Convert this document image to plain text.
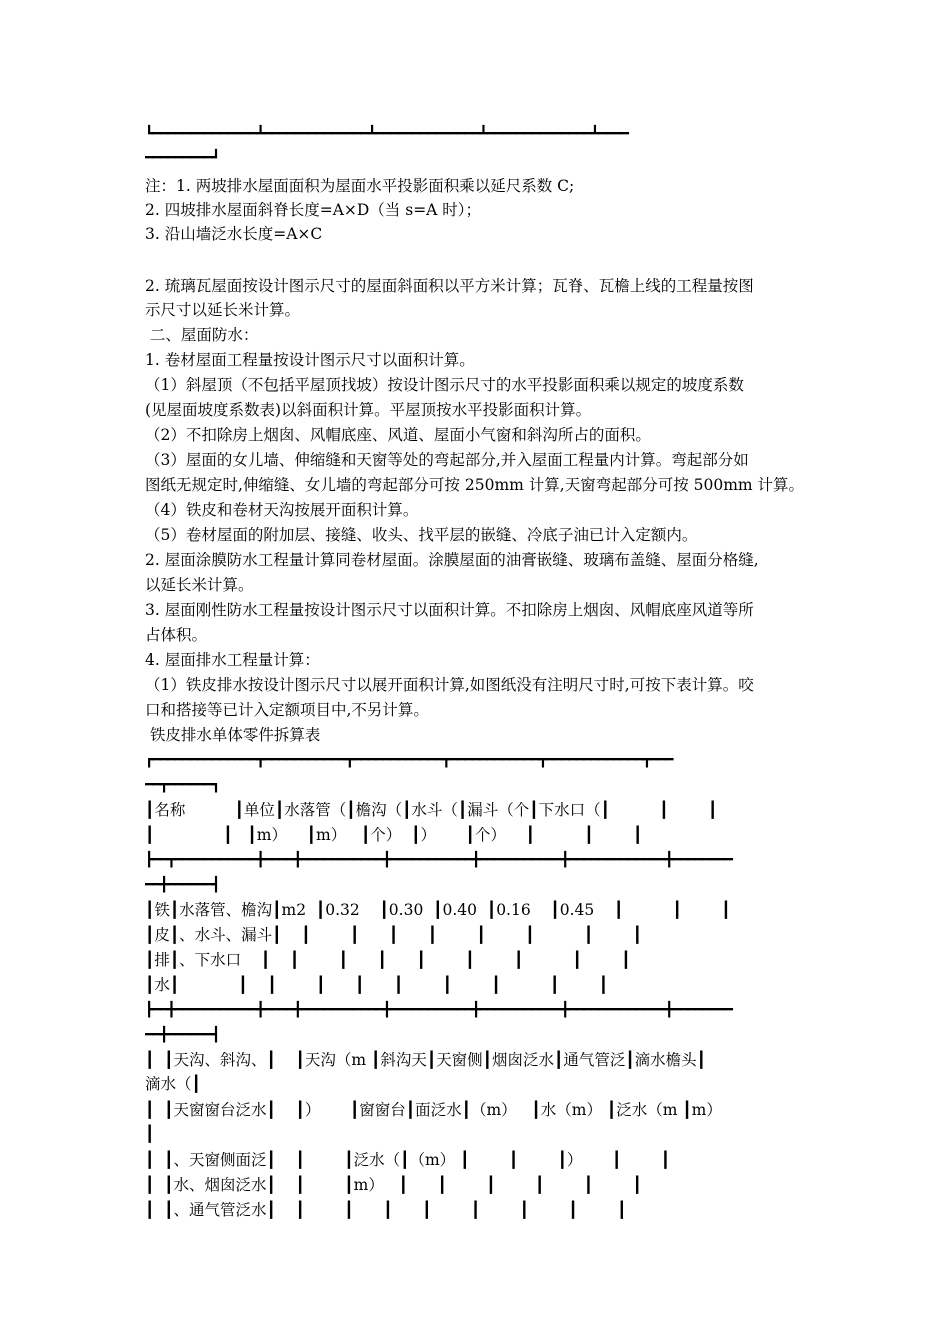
┗━━━━━━━━━━━━━━┻━━━━━━━━━━━━━━┻━━━━━━━━━━━━━━┻━━━━━━━━━━━━━━┻━━━━
━━━━━━━━━┛
注：1. 两坡排水屋面面积为屋面水平投影面积乘以延尺系数 C;
2. 四坡排水屋面斜脊长度=A×D（当 s=A 时）；
3. 沿山墙泛水长度=A×C
2. 琉璃瓦屋面按设计图示尺寸的屋面斜面积以平方米计算；瓦脊、瓦檐上线的工程量按图
示尺寸以延长米计算。
二、屋面防水：
1. 卷材屋面工程量按设计图示尺寸以面积计算。
（1）斜屋顶（不包括平屋顶找坡）按设计图示尺寸的水平投影面积乘以规定的坡度系数
(见屋面坡度系数表)以斜面积计算。平屋顶按水平投影面积计算。
（2）不扣除房上烟囱、风帽底座、风道、屋面小气窗和斜沟所占的面积。
（3）屋面的女儿墙、伸缩缝和天窗等处的弯起部分,并入屋面工程量内计算。弯起部分如
图纸无规定时,伸缩缝、女儿墙的弯起部分可按 250mm 计算,天窗弯起部分可按 500mm 计算。
（4）铁皮和卷材天沟按展开面积计算。
（5）卷材屋面的附加层、接缝、收头、找平层的嵌缝、冷底子油已计入定额内。
2. 屋面涂膜防水工程量计算同卷材屋面。涂膜屋面的油膏嵌缝、玻璃布盖缝、屋面分格缝,
以延长米计算。
3. 屋面刚性防水工程量按设计图示尺寸以面积计算。不扣除房上烟囱、风帽底座风道等所
占体积。
4. 屋面排水工程量计算：
（1）铁皮排水按设计图示尺寸以展开面积计算,如图纸没有注明尺寸时,可按下表计算。咬
口和搭接等已计入定额项目中,不另计算。
铁皮排水单体零件拆算表
┏━━━━━━━━━━━━━━┳━━━━━━━━━━━┳━━━━━━━━━━━━┳━━━━━━━━━━━━┳━━━━━━━━━━━━━┳━━━
━━┳━━━━━━┓
┃名称          ┃单位┃水落管（┃檐沟（┃水斗（┃漏斗（个┃下水口（┃          ┃        ┃
┃              ┃   ┃m）    ┃m）   ┃个）  ┃）      ┃个）    ┃          ┃        ┃
┣━━┳━━━━━━━━━━━╋━━━━╋━━━━━━━━━━━╋━━━━━━━━━━━╋━━━━━━━━━━━╋━━━━━━━━━━━━━╋━━━━━━━━
━━╋━━━━━━┫
┃铁┃水落管、檐沟┃m2  ┃0.32    ┃0.30  ┃0.40  ┃0.16    ┃0.45    ┃          ┃        ┃
┃皮┃、水斗、漏斗┃    ┃        ┃      ┃      ┃        ┃        ┃          ┃        ┃
┃排┃、下水口    ┃    ┃        ┃      ┃      ┃        ┃        ┃          ┃        ┃
┃水┃            ┃    ┃        ┃      ┃      ┃        ┃        ┃          ┃        ┃
┣━━╋━━━━━━━━━━━╋━━━━╋━━━━━━━━━━━╋━━━━━━━━━━━╋━━━━━━━━━━━╋━━━━━━━━━━━━━╋━━━━━━━━
━━╋━━━━━━┫
┃  ┃天沟、斜沟、┃    ┃天沟（m ┃斜沟天┃天窗侧┃烟囱泛水┃通气管泛┃滴水檐头┃
滴水（┃
┃  ┃天窗窗台泛水┃    ┃）      ┃窗窗台┃面泛水┃（m）   ┃水（m） ┃泛水（m ┃m）
┃
┃  ┃、天窗侧面泛┃    ┃        ┃泛水（┃（m） ┃        ┃        ┃）      ┃        ┃
┃  ┃水、烟囱泛水┃    ┃        ┃m）   ┃      ┃        ┃        ┃        ┃        ┃
┃  ┃、通气管泛水┃    ┃        ┃      ┃      ┃        ┃        ┃        ┃        ┃
